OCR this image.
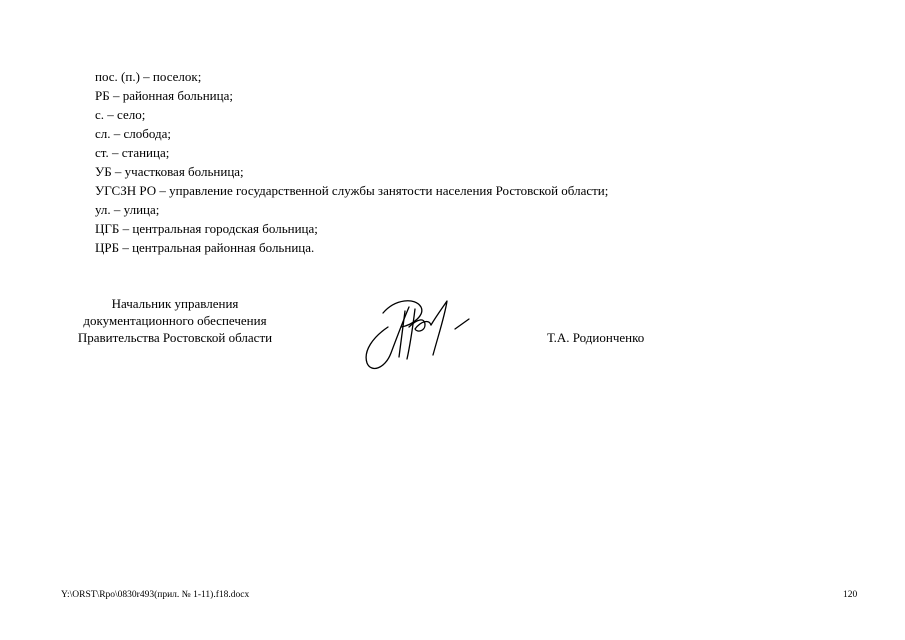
пос. (п.) – поселок;
РБ – районная больница;
с. – село;
сл. – слобода;
ст. – станица;
УБ – участковая больница;
УГСЗН РО – управление государственной службы занятости населения Ростовской области;
ул. – улица;
ЦГБ – центральная городская больница;
ЦРБ – центральная районная больница.
Начальник управления
документационного обеспечения
Правительства Ростовской области	Т.А. Родионченко
Y:\ORST\Rpo\0830r493(прил. № 1-11).f18.docx	120
